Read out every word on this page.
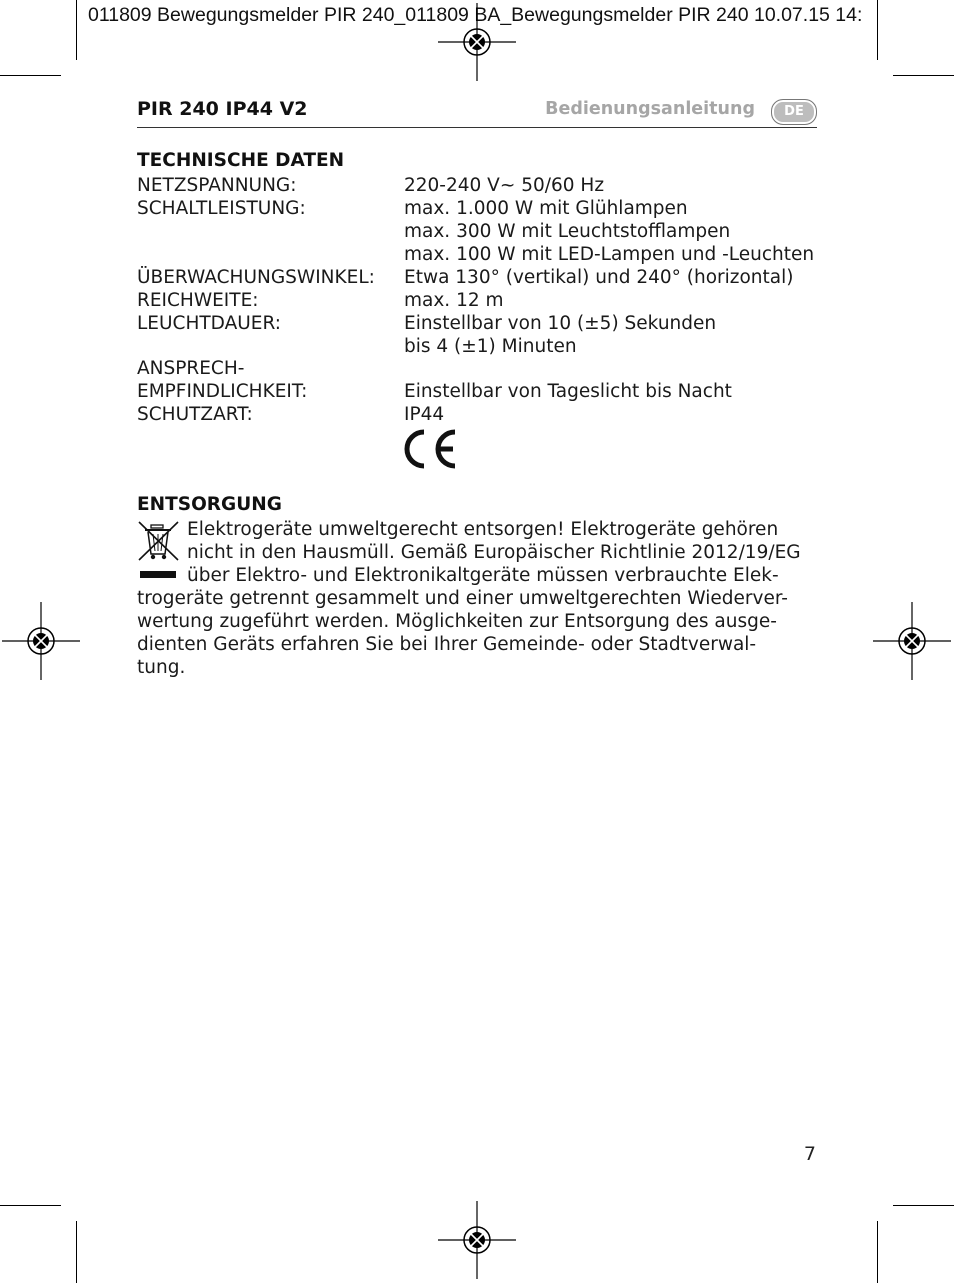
011809 Bewegungsmelder PIR 240_011809 BA_Bewegungsmelder PIR 240 10.07.15 14:
PIR 240 IP44 V2	Bedienungsanleitung	DE
TECHNISCHE DATEN
NETZSPANNUNG:	220-240 V~ 50/60 Hz
SCHALTLEISTUNG:	max. 1.000 W mit Glühlampen
max. 300 W mit Leuchtstofflampen
max. 100 W mit LED-Lampen und -Leuchten
ÜBERWACHUNGSWINKEL: Etwa 130° (vertikal) und 240° (horizontal)
REICHWEITE:	max. 12 m
LEUCHTDAUER:	Einstellbar von 10 (±5) Sekunden
bis 4 (±1) Minuten
ANSPRECH-
EMPFINDLICHKEIT:	Einstellbar von Tageslicht bis Nacht
SCHUTZART:	IP44
ENTSORGUNG
Elektrogeräte umweltgerecht entsorgen! Elektrogeräte gehören
nicht in den Hausmüll. Gemäß Europäischer Richtlinie 2012/19/EG
über Elektro- und Elektronikaltgeräte müssen verbrauchte Elek-
trogeräte getrennt gesammelt und einer umweltgerechten Wiederver-
wertung zugeführt werden. Möglichkeiten zur Entsorgung des ausge-
dienten Geräts erfahren Sie bei Ihrer Gemeinde- oder Stadtverwal-
tung.
7
